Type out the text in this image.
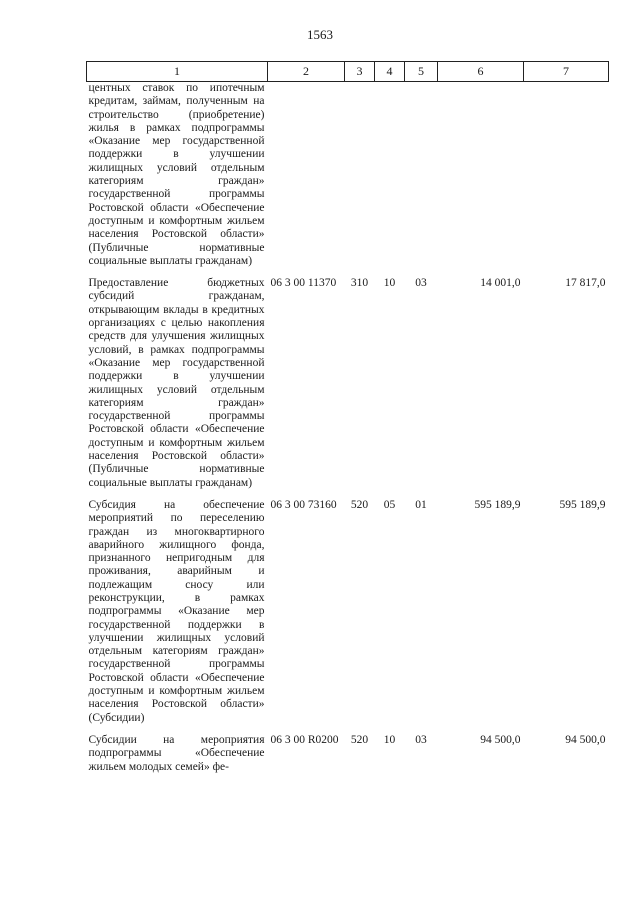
1563
1	2	3	4	5	6	7
центных ставок по ипотечным кредитам, займам, полученным на строительство (приобретение) жилья в рамках подпрограммы «Оказание мер государственной поддержки в улучшении жилищных условий отдельным категориям граждан» государственной программы Ростовской области «Обеспечение доступным и комфортным жильем населения Ростовской области» (Публичные нормативные социальные выплаты гражданам)						

Предоставление бюджетных субсидий гражданам, открывающим вклады в кредитных организациях с целью накопления средств для улучшения жилищных условий, в рамках подпрограммы «Оказание мер государственной поддержки в улучшении жилищных условий отдельным категориям граждан» государственной программы Ростовской области «Обеспечение доступным и комфортным жильем населения Ростовской области» (Публичные нормативные социальные выплаты гражданам)	06 3 00 11370	310	10	03	14 001,0	17 817,0

Субсидия на обеспечение мероприятий по переселению граждан из многоквартирного аварийного жилищного фонда, признанного непригодным для проживания, аварийным и подлежащим сносу или реконструкции, в рамках подпрограммы «Оказание мер государственной поддержки в улучшении жилищных условий отдельным категориям граждан» государственной программы Ростовской области «Обеспечение доступным и комфортным жильем населения Ростовской области» (Субсидии)	06 3 00 73160	520	05	01	595 189,9	595 189,9

Субсидии на мероприятия подпрограммы «Обеспечение жильем молодых семей» фе-	06 3 00 R0200	520	10	03	94 500,0	94 500,0
